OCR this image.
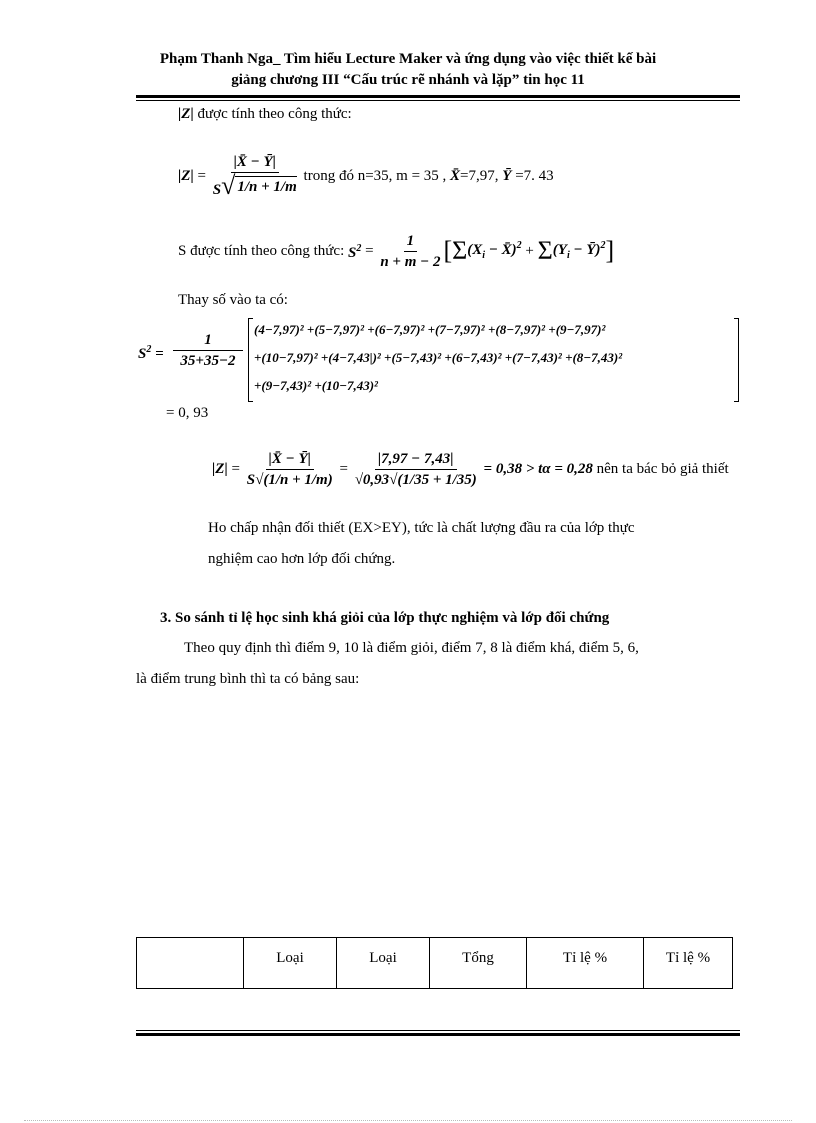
Phạm Thanh Nga_ Tìm hiểu Lecture Maker và ứng dụng vào việc thiết kế bài
giảng chương III “Cấu trúc rẽ nhánh và lặp” tin học 11
|Z| được tính theo công thức:
$|Z| = \frac{|X̄ - Ȳ|}{S √ 1/n + 1/m}$
trong đó n=35, m = 35 ,
X̄ =7,97,
Ȳ
=7. 43
S được tính theo công thức:
$S^2 = \frac{1}{n + m - 2}$ [ Σ ($X_i$ − X̄)$^2$ + Σ ($Y_i$ − Ȳ)$^2$ ]
Thay số vào ta có:
$S^2 = \frac{1}{35+35-2}$
(4−7,97)² +(5−7,97)² +(6−7,97)² +(7−7,97)² +(8−7,97)² +(9−7,97)²
+(10−7,97)² +(4−7,43|)² +(5−7,43)² +(6−7,43)² +(7−7,43)² +(8−7,43)²
+(9−7,43)² +(10−7,43)²
= 0, 93
$|Z| = \frac{|X̄ - Ȳ|}{S√(1/n + 1/m)} = \frac{|7,97 - 7,43|}{√0,93√(1/35 + 1/35)}$
= 0,38 > tα = 0,28
nên ta bác bỏ giả thiết
Ho chấp nhận đối thiết (EX>EY), tức là chất lượng đầu ra của lớp thực
nghiệm cao hơn lớp đối chứng.
3. So sánh tỉ lệ học sinh khá giỏi của lớp thực nghiệm và lớp đối chứng
Theo quy định thì điểm 9, 10 là điểm giỏi, điểm 7, 8 là điểm khá, điểm 5, 6,
là điểm trung bình thì ta có bảng sau:
	Loại	Loại	Tổng	Tỉ lệ %	Tỉ lệ %
